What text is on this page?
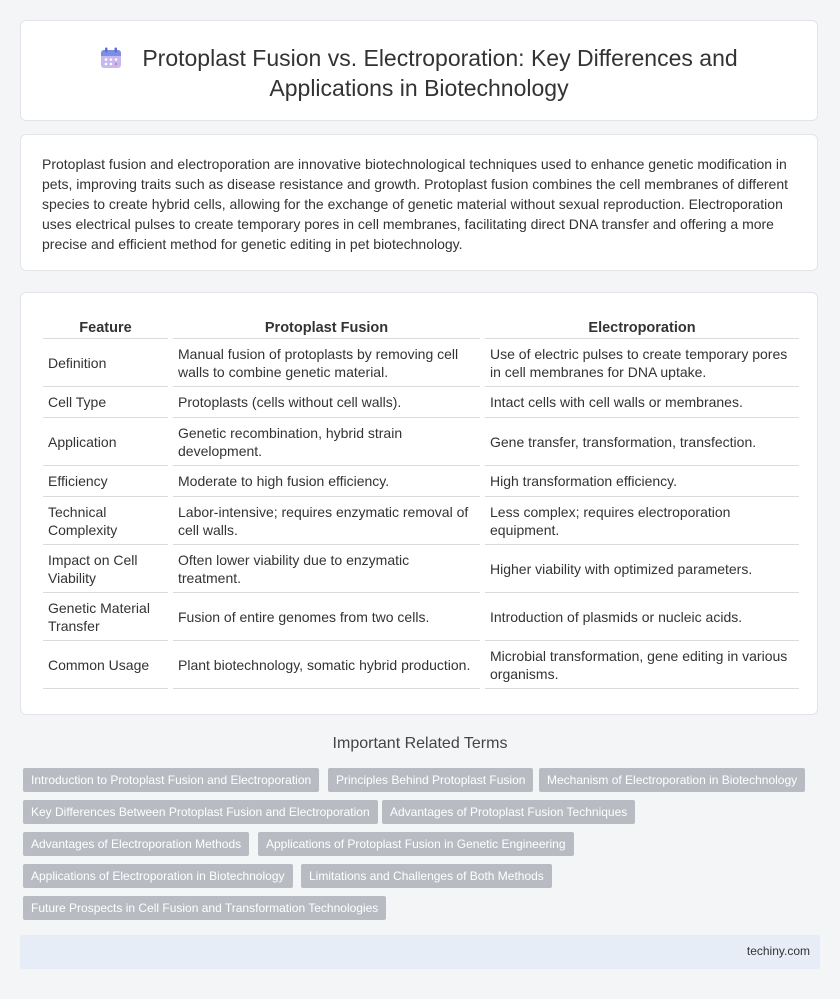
Protoplast Fusion vs. Electroporation: Key Differences and
Applications in Biotechnology

Protoplast fusion and electroporation are innovative biotechnological techniques used to enhance genetic modification in pets, improving traits such as disease resistance and growth. Protoplast fusion combines the cell membranes of different species to create hybrid cells, allowing for the exchange of genetic material without sexual reproduction. Electroporation uses electrical pulses to create temporary pores in cell membranes, facilitating direct DNA transfer and offering a more precise and efficient method for genetic editing in pet biotechnology.

Feature	Protoplast Fusion	Electroporation
Definition	Manual fusion of protoplasts by removing cell walls to combine genetic material.	Use of electric pulses to create temporary pores in cell membranes for DNA uptake.
Cell Type	Protoplasts (cells without cell walls).	Intact cells with cell walls or membranes.
Application	Genetic recombination, hybrid strain development.	Gene transfer, transformation, transfection.
Efficiency	Moderate to high fusion efficiency.	High transformation efficiency.
Technical Complexity	Labor-intensive; requires enzymatic removal of cell walls.	Less complex; requires electroporation equipment.
Impact on Cell Viability	Often lower viability due to enzymatic treatment.	Higher viability with optimized parameters.
Genetic Material Transfer	Fusion of entire genomes from two cells.	Introduction of plasmids or nucleic acids.
Common Usage	Plant biotechnology, somatic hybrid production.	Microbial transformation, gene editing in various organisms.
Important Related Terms
Introduction to Protoplast Fusion and Electroporation	Principles Behind Protoplast Fusion	Mechanism of Electroporation in Biotechnology
Key Differences Between Protoplast Fusion and Electroporation	Advantages of Protoplast Fusion Techniques
Advantages of Electroporation Methods	Applications of Protoplast Fusion in Genetic Engineering
Applications of Electroporation in Biotechnology	Limitations and Challenges of Both Methods
Future Prospects in Cell Fusion and Transformation Technologies
techiny.com
